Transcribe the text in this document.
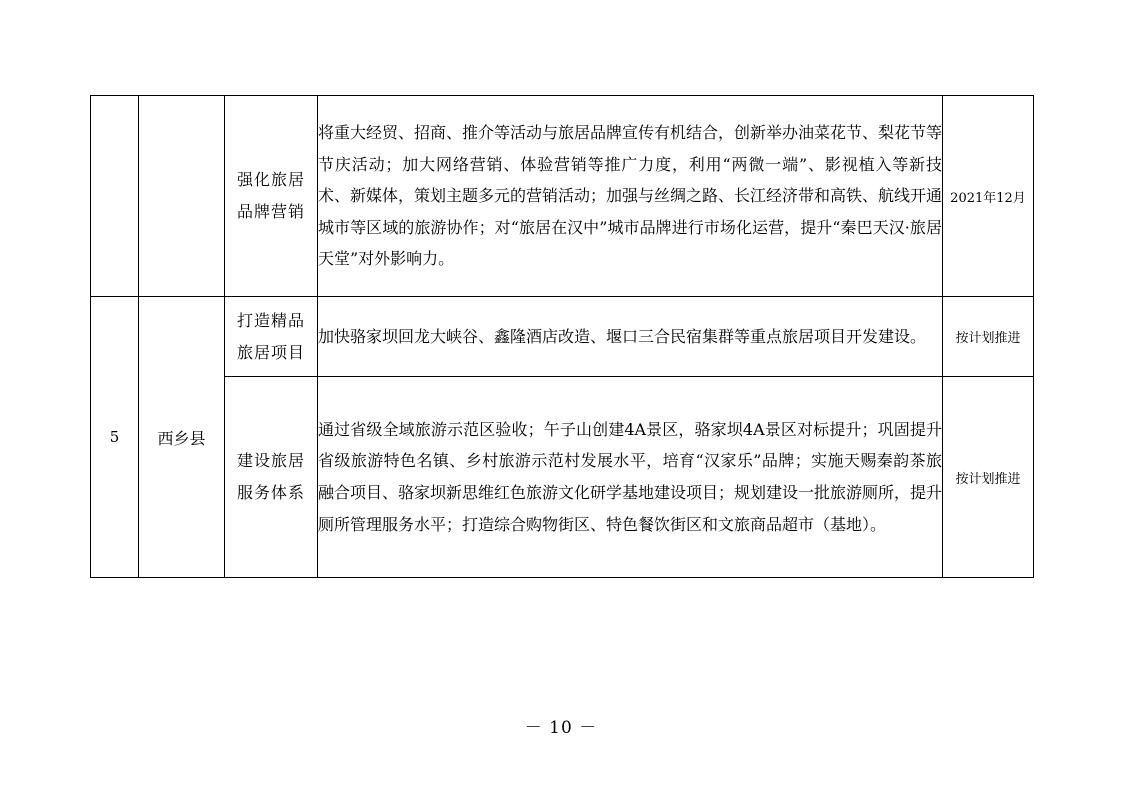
		强化旅居品牌营销	将重大经贸、招商、推介等活动与旅居品牌宣传有机结合，创新举办油菜花节、梨花节等节庆活动；加大网络营销、体验营销等推广力度，利用“两微一端”、影视植入等新技术、新媒体，策划主题多元的营销活动；加强与丝绸之路、长江经济带和高铁、航线开通城市等区域的旅游协作；对“旅居在汉中”城市品牌进行市场化运营，提升“秦巴天汉·旅居天堂”对外影响力。	2021年12月
5	西乡县	打造精品旅居项目	加快骆家坝回龙大峡谷、鑫隆酒店改造、堰口三合民宿集群等重点旅居项目开发建设。	按计划推进
		建设旅居服务体系	通过省级全域旅游示范区验收；午子山创建4A景区，骆家坝4A景区对标提升；巩固提升省级旅游特色名镇、乡村旅游示范村发展水平，培育“汉家乐”品牌；实施天赐秦韵茶旅融合项目、骆家坝新思维红色旅游文化研学基地建设项目；规划建设一批旅游厕所，提升厕所管理服务水平；打造综合购物街区、特色餐饮街区和文旅商品超市（基地）。	按计划推进
－ 10 －
